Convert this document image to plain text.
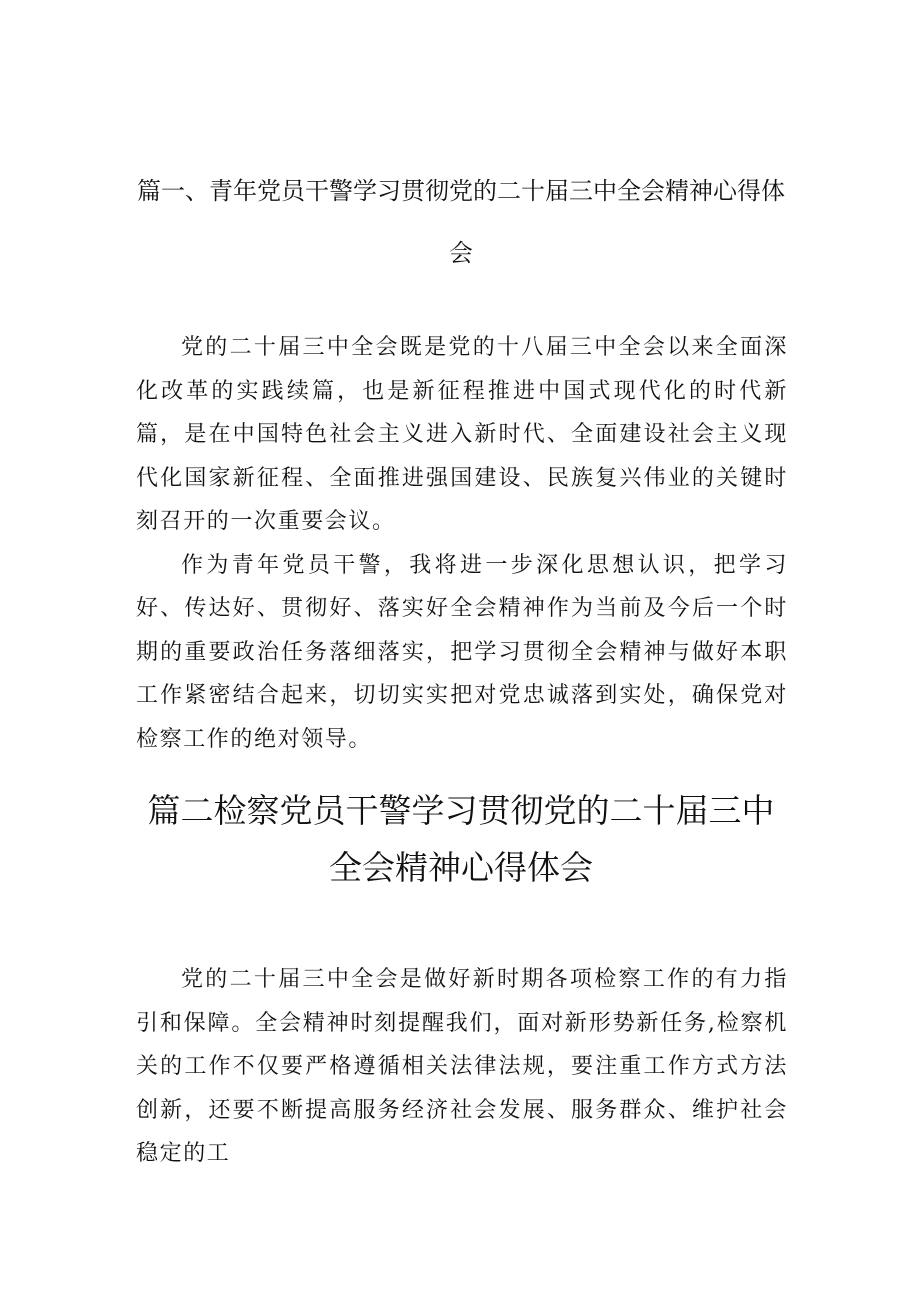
篇一、青年党员干警学习贯彻党的二十届三中全会精神心得体会

党的二十届三中全会既是党的十八届三中全会以来全面深化改革的实践续篇，也是新征程推进中国式现代化的时代新篇，是在中国特色社会主义进入新时代、全面建设社会主义现代化国家新征程、全面推进强国建设、民族复兴伟业的关键时刻召开的一次重要会议。

作为青年党员干警，我将进一步深化思想认识，把学习好、传达好、贯彻好、落实好全会精神作为当前及今后一个时期的重要政治任务落细落实，把学习贯彻全会精神与做好本职工作紧密结合起来，切切实实把对党忠诚落到实处，确保党对检察工作的绝对领导。

篇二检察党员干警学习贯彻党的二十届三中全会精神心得体会

党的二十届三中全会是做好新时期各项检察工作的有力指引和保障。全会精神时刻提醒我们，面对新形势新任务,检察机关的工作不仅要严格遵循相关法律法规，要注重工作方式方法创新，还要不断提高服务经济社会发展、服务群众、维护社会稳定的工
